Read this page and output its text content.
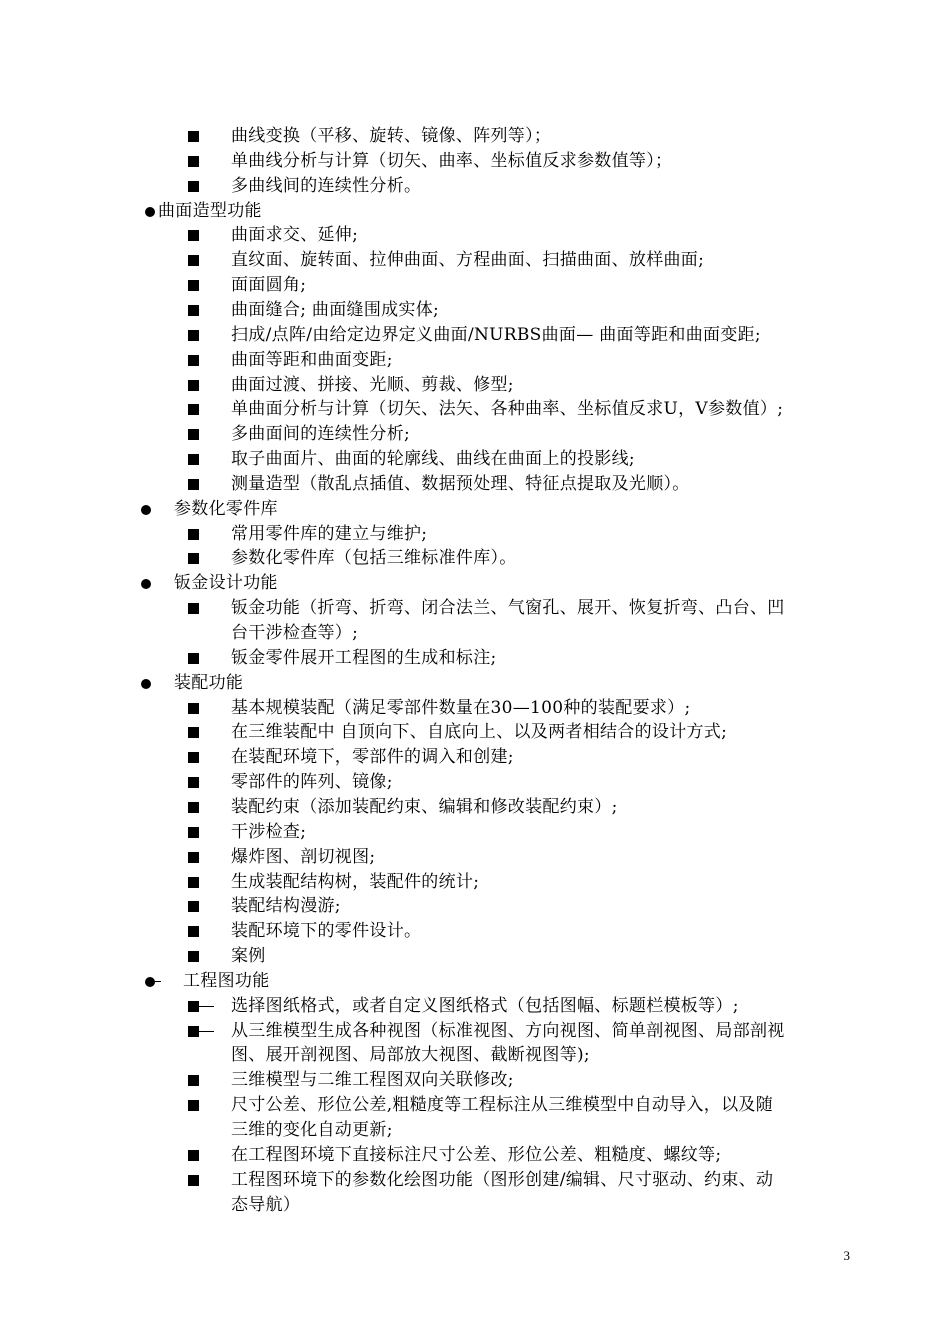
曲线变换（平移、旋转、镜像、阵列等）；
单曲线分析与计算（切矢、曲率、坐标值反求参数值等）；
多曲线间的连续性分析。
曲面造型功能
曲面求交、延伸;
直纹面、旋转面、拉伸曲面、方程曲面、扫描曲面、放样曲面;
面面圆角;
曲面缝合; 曲面缝围成实体;
扫成/点阵/由给定边界定义曲面/NURBS曲面— 曲面等距和曲面变距;
曲面等距和曲面变距;
曲面过渡、拼接、光顺、剪裁、修型;
单曲面分析与计算（切矢、法矢、各种曲率、坐标值反求U，V参数值）;
多曲面间的连续性分析;
取子曲面片、曲面的轮廓线、曲线在曲面上的投影线;
测量造型（散乱点插值、数据预处理、特征点提取及光顺）。
参数化零件库
常用零件库的建立与维护;
参数化零件库（包括三维标准件库）。
钣金设计功能
钣金功能（折弯、折弯、闭合法兰、气窗孔、展开、恢复折弯、凸台、凹
台干涉检查等）;
钣金零件展开工程图的生成和标注;
装配功能
基本规模装配（满足零部件数量在30—100种的装配要求）;
在三维装配中 自顶向下、自底向上、以及两者相结合的设计方式;
在装配环境下，零部件的调入和创建;
零部件的阵列、镜像;
装配约束（添加装配约束、编辑和修改装配约束）;
干涉检查;
爆炸图、剖切视图;
生成装配结构树，装配件的统计;
装配结构漫游;
装配环境下的零件设计。
案例
工程图功能
选择图纸格式，或者自定义图纸格式（包括图幅、标题栏模板等）;
从三维模型生成各种视图（标准视图、方向视图、简单剖视图、局部剖视
图、展开剖视图、局部放大视图、截断视图等);
三维模型与二维工程图双向关联修改;
尺寸公差、形位公差,粗糙度等工程标注从三维模型中自动导入，以及随
三维的变化自动更新;
在工程图环境下直接标注尺寸公差、形位公差、粗糙度、螺纹等;
工程图环境下的参数化绘图功能（图形创建/编辑、尺寸驱动、约束、动
态导航）
3
